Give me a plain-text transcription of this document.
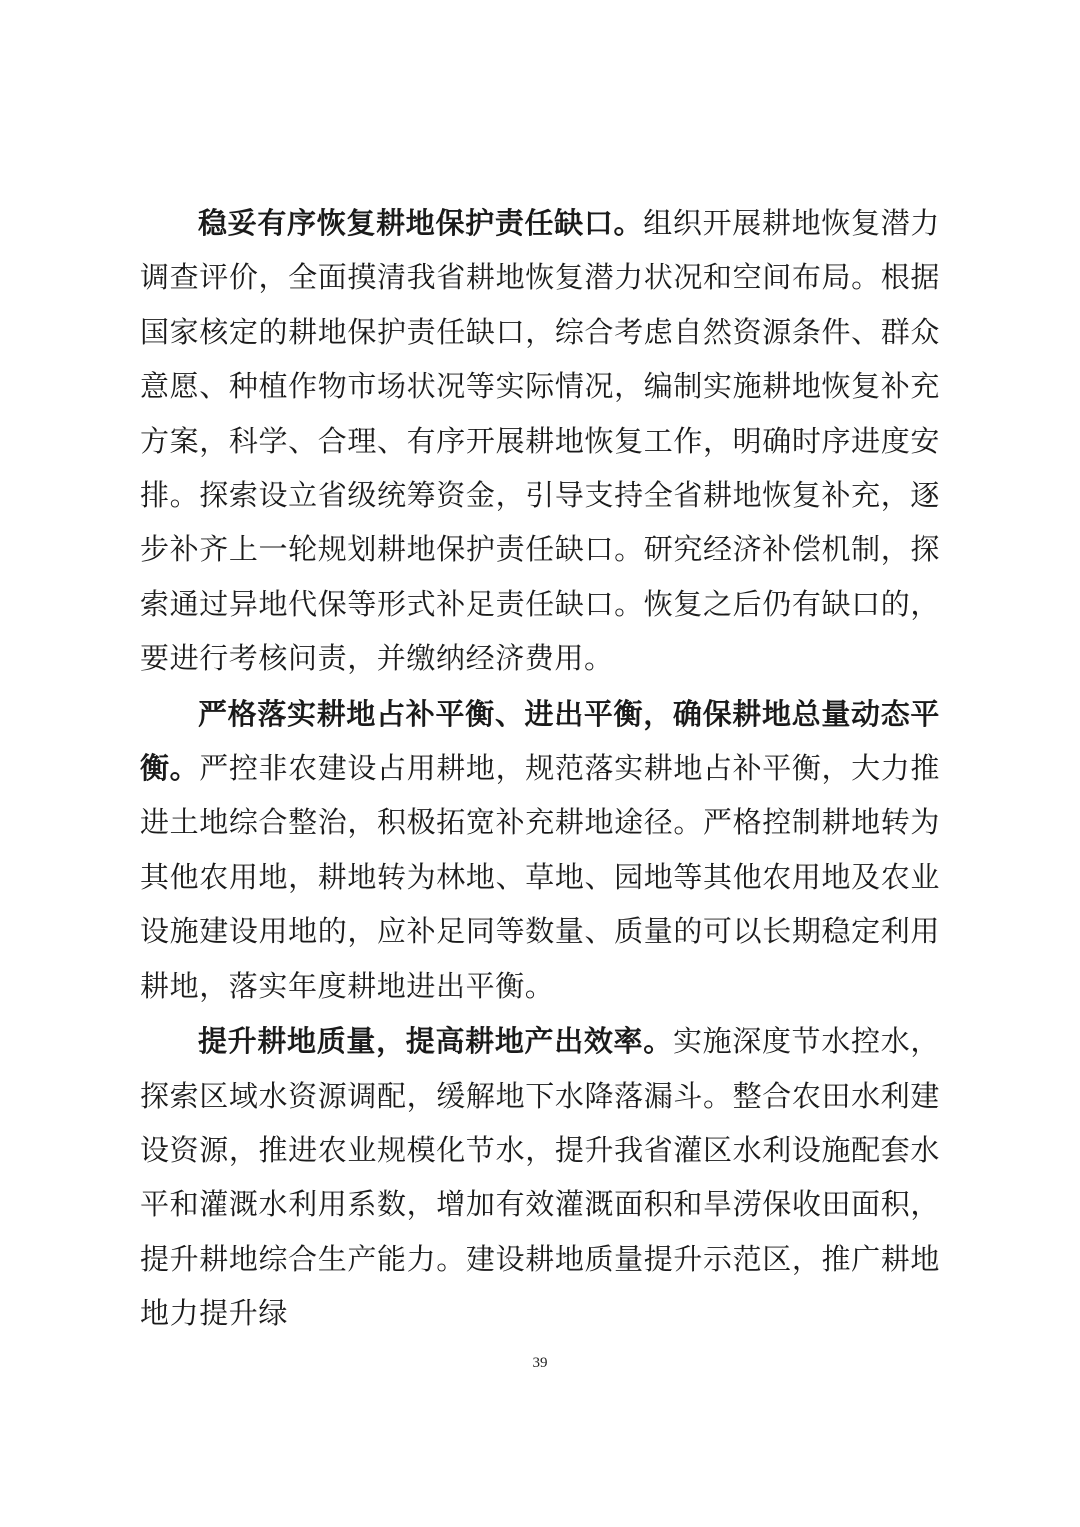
稳妥有序恢复耕地保护责任缺口。组织开展耕地恢复潜力调查评价，全面摸清我省耕地恢复潜力状况和空间布局。根据国家核定的耕地保护责任缺口，综合考虑自然资源条件、群众意愿、种植作物市场状况等实际情况，编制实施耕地恢复补充方案，科学、合理、有序开展耕地恢复工作，明确时序进度安排。探索设立省级统筹资金，引导支持全省耕地恢复补充，逐步补齐上一轮规划耕地保护责任缺口。研究经济补偿机制，探索通过异地代保等形式补足责任缺口。恢复之后仍有缺口的，要进行考核问责，并缴纳经济费用。

严格落实耕地占补平衡、进出平衡，确保耕地总量动态平衡。严控非农建设占用耕地，规范落实耕地占补平衡，大力推进土地综合整治，积极拓宽补充耕地途径。严格控制耕地转为其他农用地，耕地转为林地、草地、园地等其他农用地及农业设施建设用地的，应补足同等数量、质量的可以长期稳定利用耕地，落实年度耕地进出平衡。

提升耕地质量，提高耕地产出效率。实施深度节水控水，探索区域水资源调配，缓解地下水降落漏斗。整合农田水利建设资源，推进农业规模化节水，提升我省灌区水利设施配套水平和灌溉水利用系数，增加有效灌溉面积和旱涝保收田面积，提升耕地综合生产能力。建设耕地质量提升示范区，推广耕地地力提升绿

39
